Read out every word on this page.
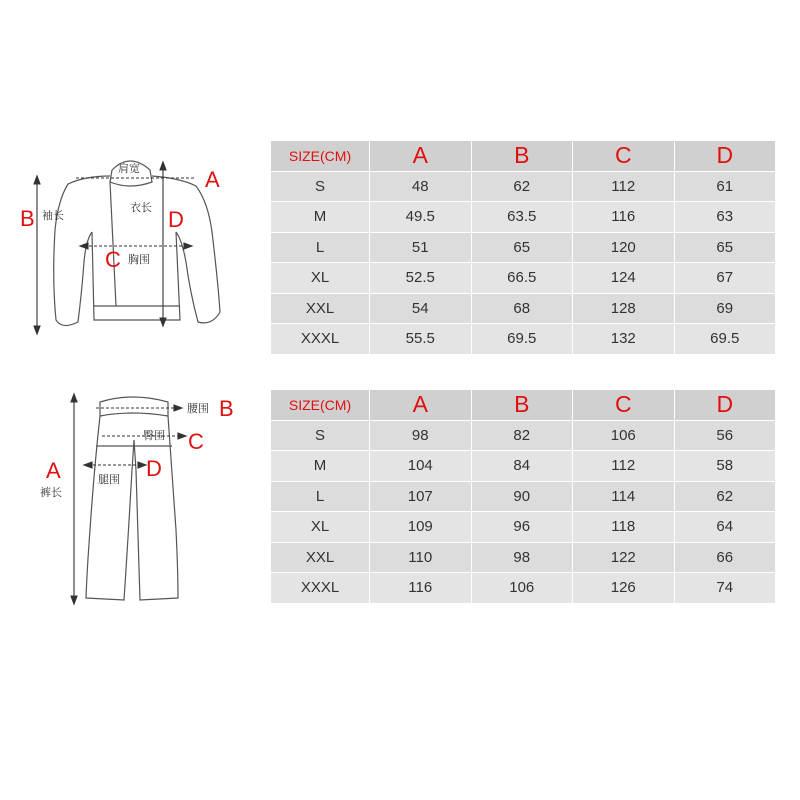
A
B
C
D
肩宽
袖长
衣长
胸围
A
B
C
D
腰围
臀围
腿围
裤长
SIZE(CM)	A	B	C	D
S	48	62	112	61
M	49.5	63.5	116	63
L	51	65	120	65
XL	52.5	66.5	124	67
XXL	54	68	128	69
XXXL	55.5	69.5	132	69.5
SIZE(CM)	A	B	C	D
S	98	82	106	56
M	104	84	112	58
L	107	90	114	62
XL	109	96	118	64
XXL	110	98	122	66
XXXL	116	106	126	74
